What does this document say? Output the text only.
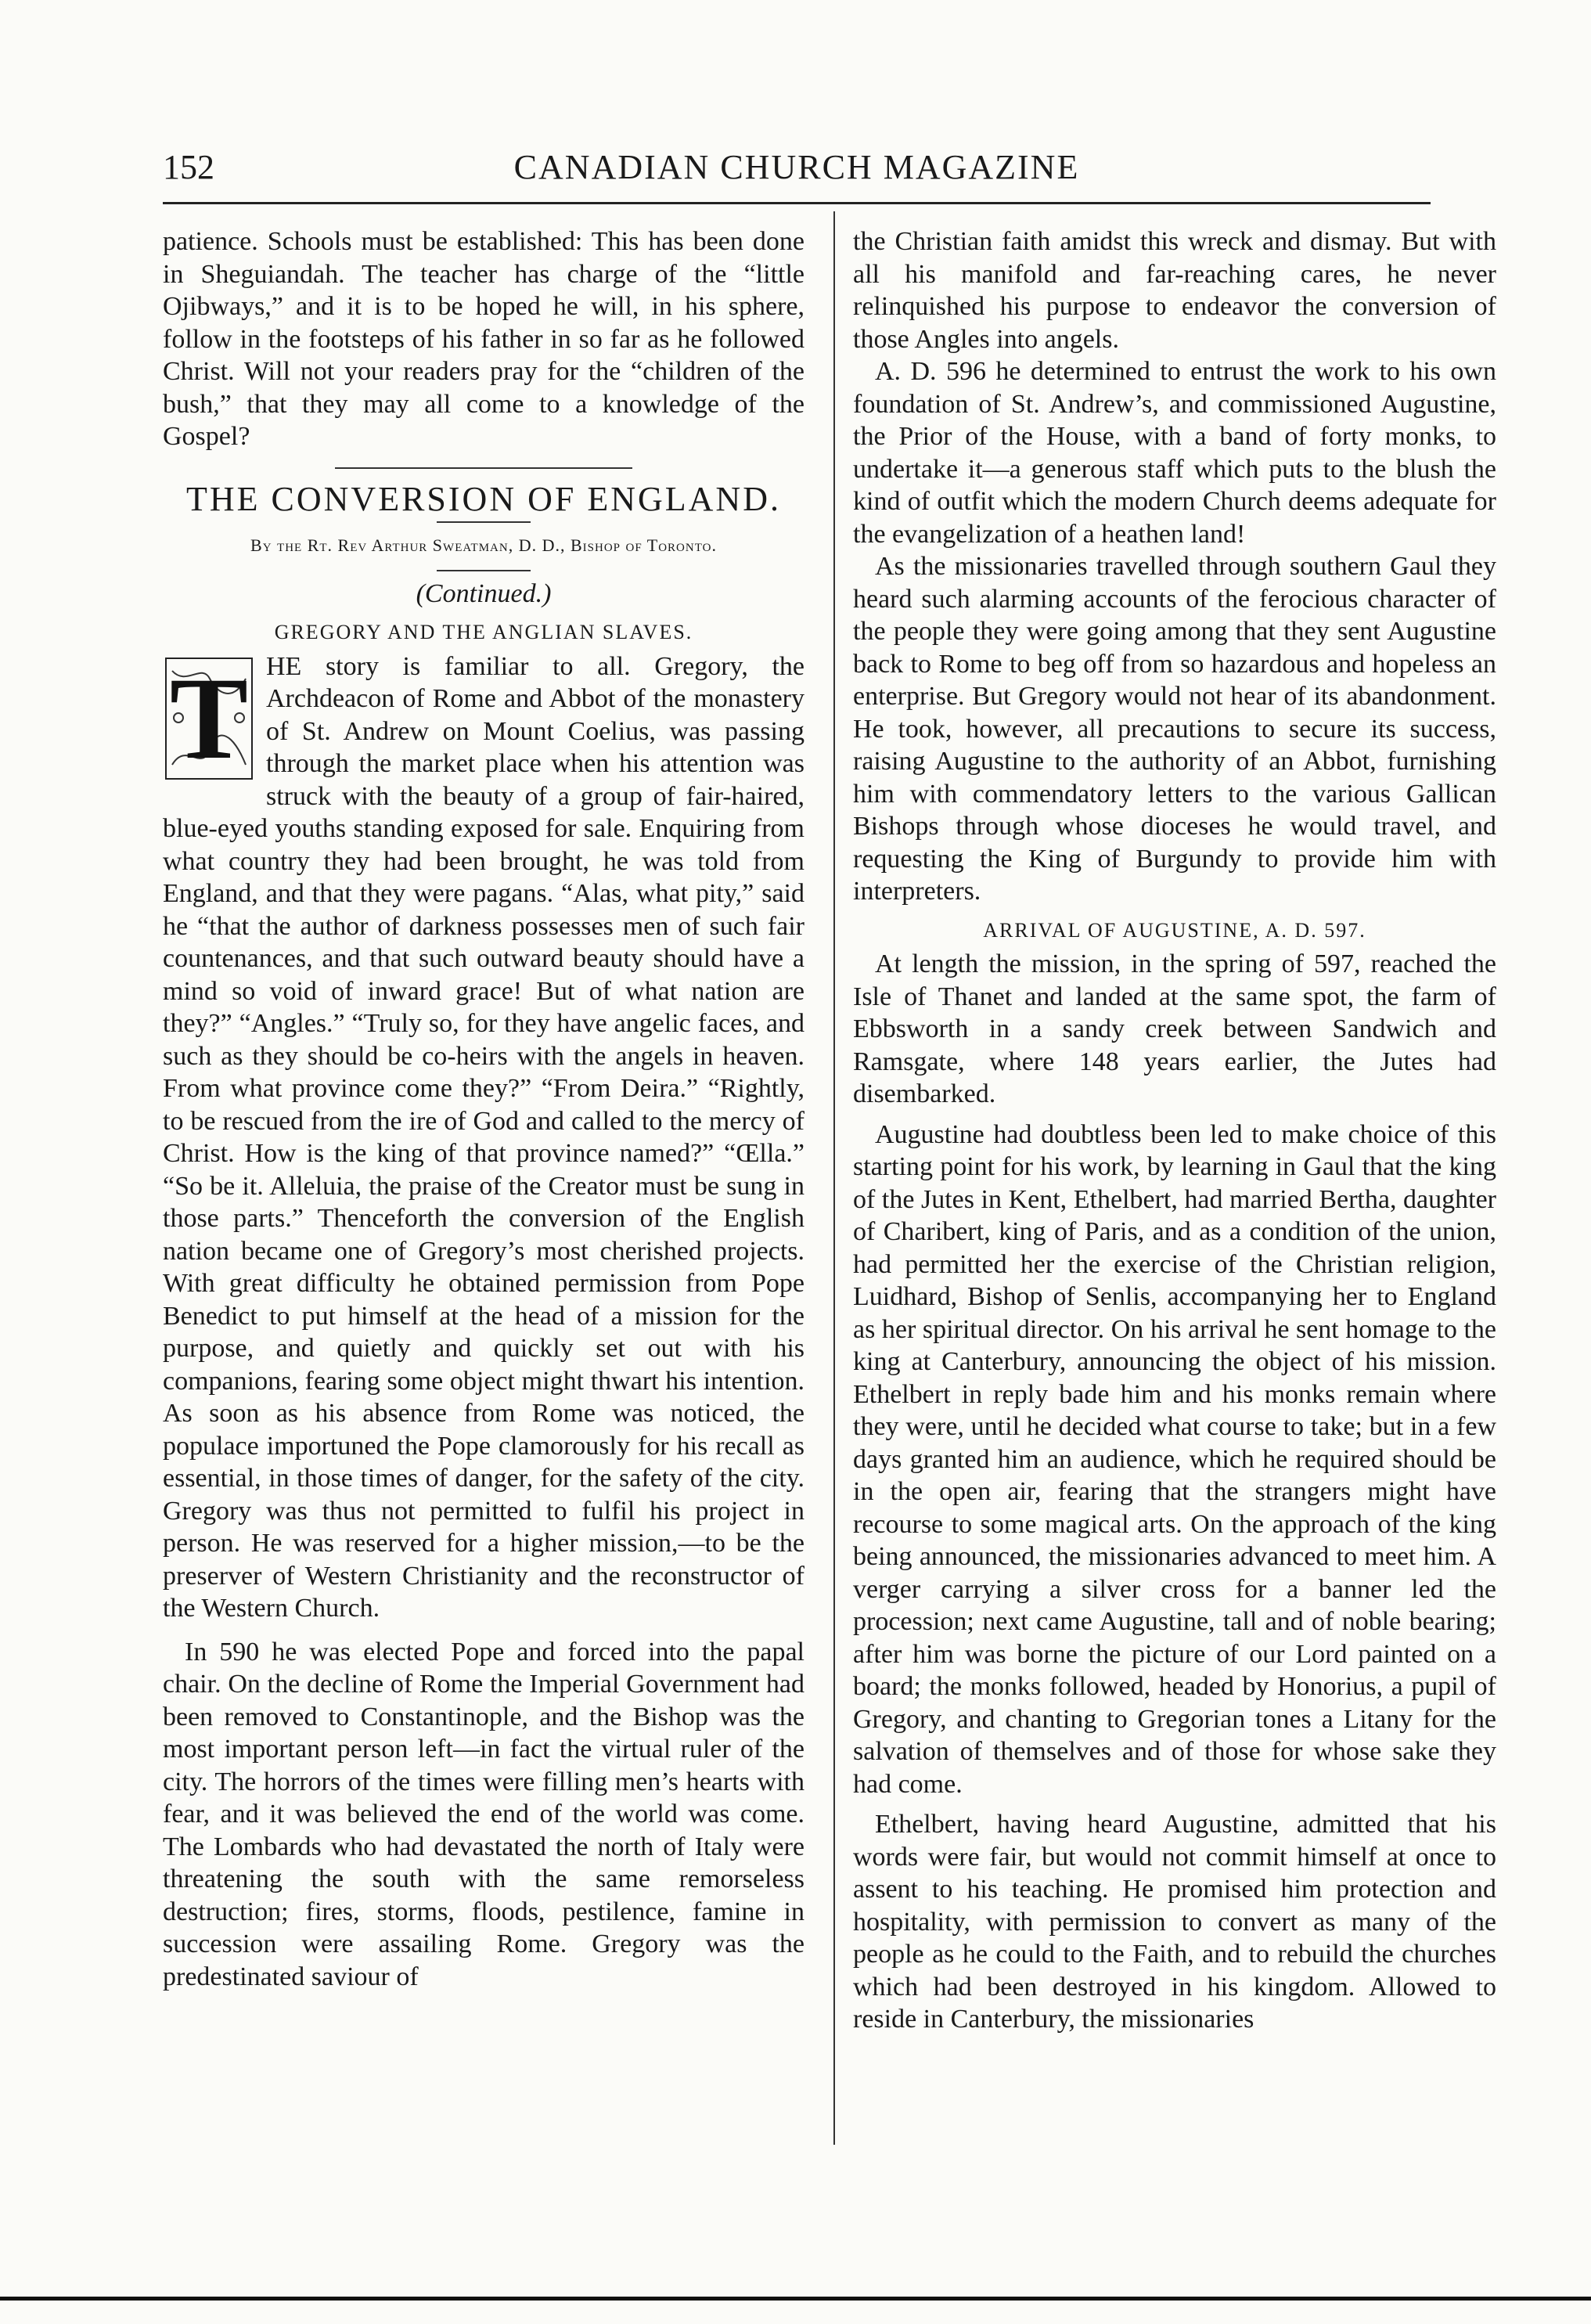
152	CANADIAN CHURCH MAGAZINE

patience. Schools must be established: This has been done in Sheguiandah. The teacher has charge of the “little Ojibways,” and it is to be hoped he will, in his sphere, follow in the footsteps of his father in so far as he followed Christ. Will not your readers pray for the “children of the bush,” that they may all come to a knowledge of the Gospel?

THE CONVERSION OF ENGLAND.

By the Rt. Rev Arthur Sweatman, D. D., Bishop of Toronto.

(Continued.)
GREGORY AND THE ANGLIAN SLAVES.

T HE story is familiar to all. Gregory, the Archdeacon of Rome and Abbot of the monastery of St. Andrew on Mount Coelius, was passing through the market place when his attention was struck with the beauty of a group of fair-haired, blue-eyed youths standing exposed for sale. Enquiring from what country they had been brought, he was told from England, and that they were pagans. “Alas, what pity,” said he “that the author of darkness possesses men of such fair countenances, and that such outward beauty should have a mind so void of inward grace! But of what nation are they?” “Angles.” “Truly so, for they have angelic faces, and such as they should be co-heirs with the angels in heaven. From what province come they?” “From Deira.” “Rightly, to be rescued from the ire of God and called to the mercy of Christ. How is the king of that province named?” “Œlla.” “So be it. Alleluia, the praise of the Creator must be sung in those parts.” Thenceforth the conversion of the English nation became one of Gregory’s most cherished projects. With great difficulty he obtained permission from Pope Benedict to put himself at the head of a mission for the purpose, and quietly and quickly set out with his companions, fearing some object might thwart his intention. As soon as his absence from Rome was noticed, the populace importuned the Pope clamorously for his recall as essential, in those times of danger, for the safety of the city. Gregory was thus not permitted to fulfil his project in person. He was reserved for a higher mission,—to be the preserver of Western Christianity and the reconstructor of the Western Church.

In 590 he was elected Pope and forced into the papal chair. On the decline of Rome the Imperial Government had been removed to Constantinople, and the Bishop was the most important person left—in fact the virtual ruler of the city. The horrors of the times were filling men’s hearts with fear, and it was believed the end of the world was come. The Lombards who had devastated the north of Italy were threatening the south with the same remorseless destruction; fires, storms, floods, pestilence, famine in succession were assailing Rome. Gregory was the predestinated saviour of

the Christian faith amidst this wreck and dismay. But with all his manifold and far-reaching cares, he never relinquished his purpose to endeavor the conversion of those Angles into angels.

A. D. 596 he determined to entrust the work to his own foundation of St. Andrew’s, and commissioned Augustine, the Prior of the House, with a band of forty monks, to undertake it—a generous staff which puts to the blush the kind of outfit which the modern Church deems adequate for the evangelization of a heathen land!

As the missionaries travelled through southern Gaul they heard such alarming accounts of the ferocious character of the people they were going among that they sent Augustine back to Rome to beg off from so hazardous and hopeless an enterprise. But Gregory would not hear of its abandonment. He took, however, all precautions to secure its success, raising Augustine to the authority of an Abbot, furnishing him with commendatory letters to the various Gallican Bishops through whose dioceses he would travel, and requesting the King of Burgundy to provide him with interpreters.

ARRIVAL OF AUGUSTINE, A. D. 597.

At length the mission, in the spring of 597, reached the Isle of Thanet and landed at the same spot, the farm of Ebbsworth in a sandy creek between Sandwich and Ramsgate, where 148 years earlier, the Jutes had disembarked.

Augustine had doubtless been led to make choice of this starting point for his work, by learning in Gaul that the king of the Jutes in Kent, Ethelbert, had married Bertha, daughter of Charibert, king of Paris, and as a condition of the union, had permitted her the exercise of the Christian religion, Luidhard, Bishop of Senlis, accompanying her to England as her spiritual director. On his arrival he sent homage to the king at Canterbury, announcing the object of his mission. Ethelbert in reply bade him and his monks remain where they were, until he decided what course to take; but in a few days granted him an audience, which he required should be in the open air, fearing that the strangers might have recourse to some magical arts. On the approach of the king being announced, the missionaries advanced to meet him. A verger carrying a silver cross for a banner led the procession; next came Augustine, tall and of noble bearing; after him was borne the picture of our Lord painted on a board; the monks followed, headed by Honorius, a pupil of Gregory, and chanting to Gregorian tones a Litany for the salvation of themselves and of those for whose sake they had come.

Ethelbert, having heard Augustine, admitted that his words were fair, but would not commit himself at once to assent to his teaching. He promised him protection and hospitality, with permission to convert as many of the people as he could to the Faith, and to rebuild the churches which had been destroyed in his kingdom. Allowed to reside in Canterbury, the missionaries
